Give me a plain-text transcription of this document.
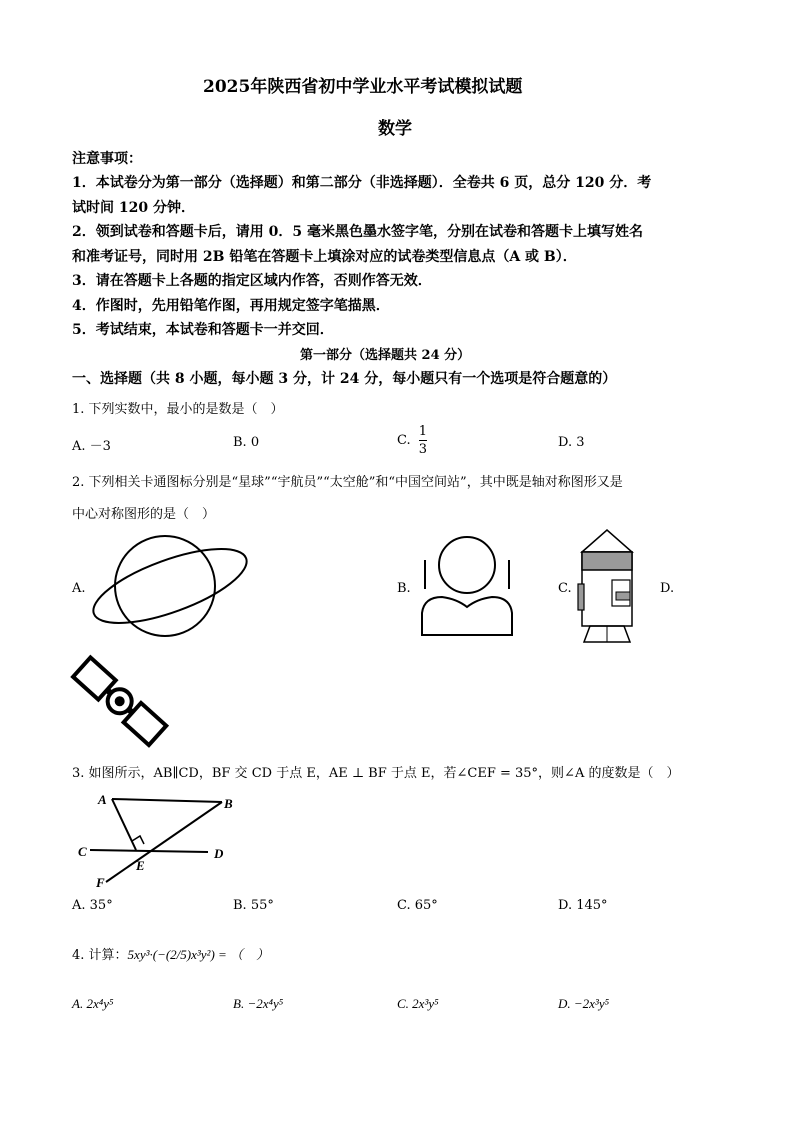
2025年陕西省初中学业水平考试模拟试题
数学
注意事项：
1．本试卷分为第一部分（选择题）和第二部分（非选择题）．全卷共 6 页，总分 120 分．考
试时间 120 分钟．
2．领到试卷和答题卡后，请用 0．5 毫米黑色墨水签字笔，分别在试卷和答题卡上填写姓名
和准考证号，同时用 2B 铅笔在答题卡上填涂对应的试卷类型信息点（A 或 B）．
3．请在答题卡上各题的指定区域内作答，否则作答无效．
4．作图时，先用铅笔作图，再用规定签字笔描黑．
5．考试结束，本试卷和答题卡一并交回．
第一部分（选择题共 24 分）
一、选择题（共 8 小题，每小题 3 分，计 24 分，每小题只有一个选项是符合题意的）
1. 下列实数中，最小的是数是（　）
A. －3	B. 0	C. $\frac{1}{3}$	D. 3
2. 下列相关卡通图标分别是“星球”“宇航员”“太空舱”和“中国空间站”，其中既是轴对称图形又是
中心对称图形的是（　）
A.	B.	C.	D.
3. 如图所示，AB∥CD，BF 交 CD 于点 E，AE ⊥ BF 于点 E，若∠CEF = 35°，则∠A 的度数是（　）
A	B
C	D
E
F
A. 35°	B. 55°	C. 65°	D. 145°
4. 计算：5xy³·(−(2/5)x³y²) = （　）
A. 2x⁴y⁵	B. −2x⁴y⁵	C. 2x³y⁵	D. −2x³y⁵
